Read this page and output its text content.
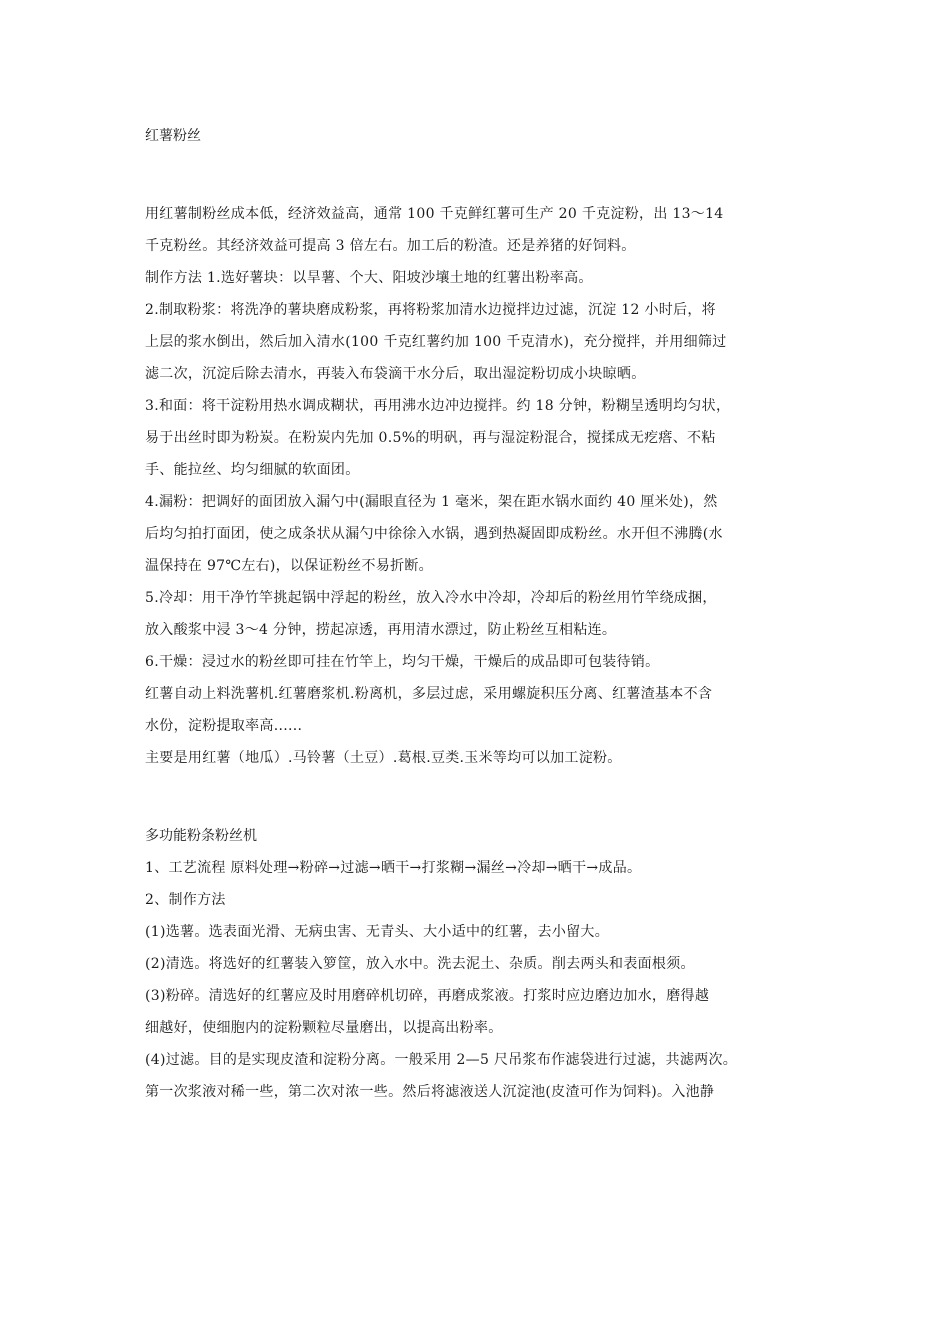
红薯粉丝
用红薯制粉丝成本低，经济效益高，通常 100 千克鲜红薯可生产 20 千克淀粉，出 13～14
千克粉丝。其经济效益可提高 3 倍左右。加工后的粉渣。还是养猪的好饲料。
制作方法 1.选好薯块：以旱薯、个大、阳坡沙壤土地的红薯出粉率高。
2.制取粉浆：将洗净的薯块磨成粉浆，再将粉浆加清水边搅拌边过滤，沉淀 12 小时后，将
上层的浆水倒出，然后加入清水(100 千克红薯约加 100 千克清水)，充分搅拌，并用细筛过
滤二次，沉淀后除去清水，再装入布袋滴干水分后，取出湿淀粉切成小块晾晒。
3.和面：将干淀粉用热水调成糊状，再用沸水边冲边搅拌。约 18 分钟，粉糊呈透明均匀状，
易于出丝时即为粉炭。在粉炭内先加 0.5%的明矾，再与湿淀粉混合，搅揉成无疙瘩、不粘
手、能拉丝、均匀细腻的软面团。
4.漏粉：把调好的面团放入漏勺中(漏眼直径为 1 毫米，架在距水锅水面约 40 厘米处)，然
后均匀拍打面团，使之成条状从漏勺中徐徐入水锅，遇到热凝固即成粉丝。水开但不沸腾(水
温保持在 97℃左右)，以保证粉丝不易折断。
5.冷却：用干净竹竿挑起锅中浮起的粉丝，放入冷水中冷却，冷却后的粉丝用竹竿绕成捆，
放入酸浆中浸 3～4 分钟，捞起凉透，再用清水漂过，防止粉丝互相粘连。
6.干燥：浸过水的粉丝即可挂在竹竿上，均匀干燥，干燥后的成品即可包装待销。
红薯自动上料洗薯机.红薯磨浆机.粉离机，多层过虑，采用螺旋积压分离、红薯渣基本不含
水份，淀粉提取率高......
主要是用红薯（地瓜）.马铃薯（土豆）.葛根.豆类.玉米等均可以加工淀粉。
多功能粉条粉丝机
1、工艺流程 原料处理→粉碎→过滤→晒干→打浆糊→漏丝→冷却→晒干→成品。
2、制作方法
(1)选薯。选表面光滑、无病虫害、无青头、大小适中的红薯，去小留大。
(2)清选。将选好的红薯装入箩筐，放入水中。洗去泥土、杂质。削去两头和表面根须。
(3)粉碎。清选好的红薯应及时用磨碎机切碎，再磨成浆液。打浆时应边磨边加水，磨得越
细越好，使细胞内的淀粉颗粒尽量磨出，以提高出粉率。
(4)过滤。目的是实现皮渣和淀粉分离。一般采用 2—5 尺吊浆布作滤袋进行过滤，共滤两次。
第一次浆液对稀一些，第二次对浓一些。然后将滤液送人沉淀池(皮渣可作为饲料)。入池静
